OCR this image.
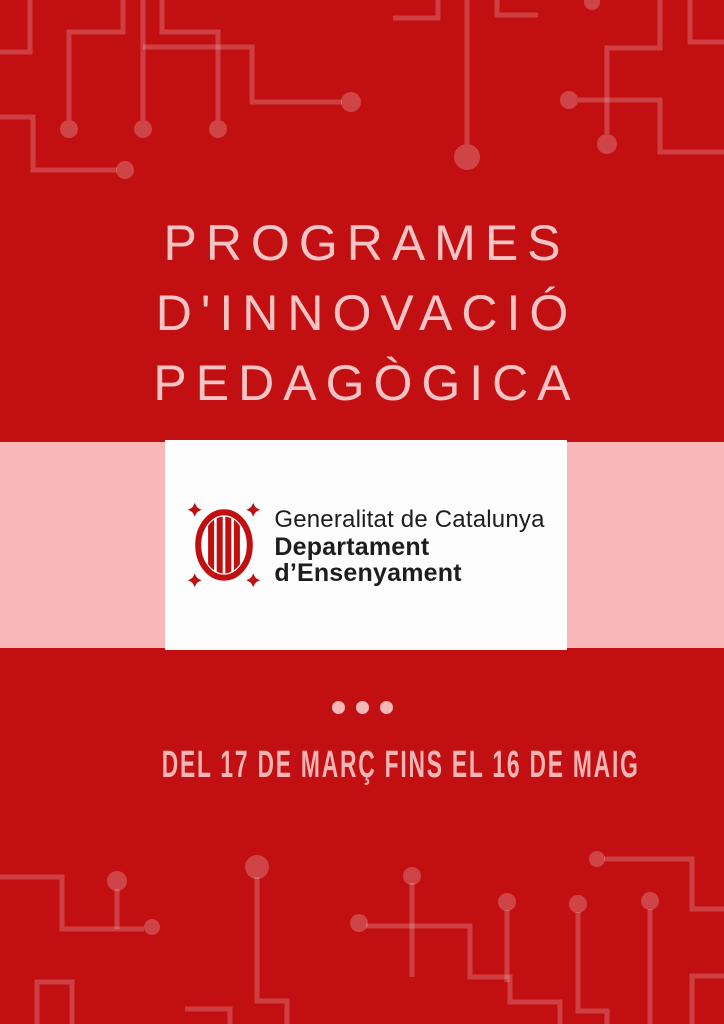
PROGRAMES
D'INNOVACIÓ
PEDAGÒGICA
Generalitat de Catalunya
Departament
d’Ensenyament
DEL 17 DE MARÇ FINS EL 16 DE MAIG
